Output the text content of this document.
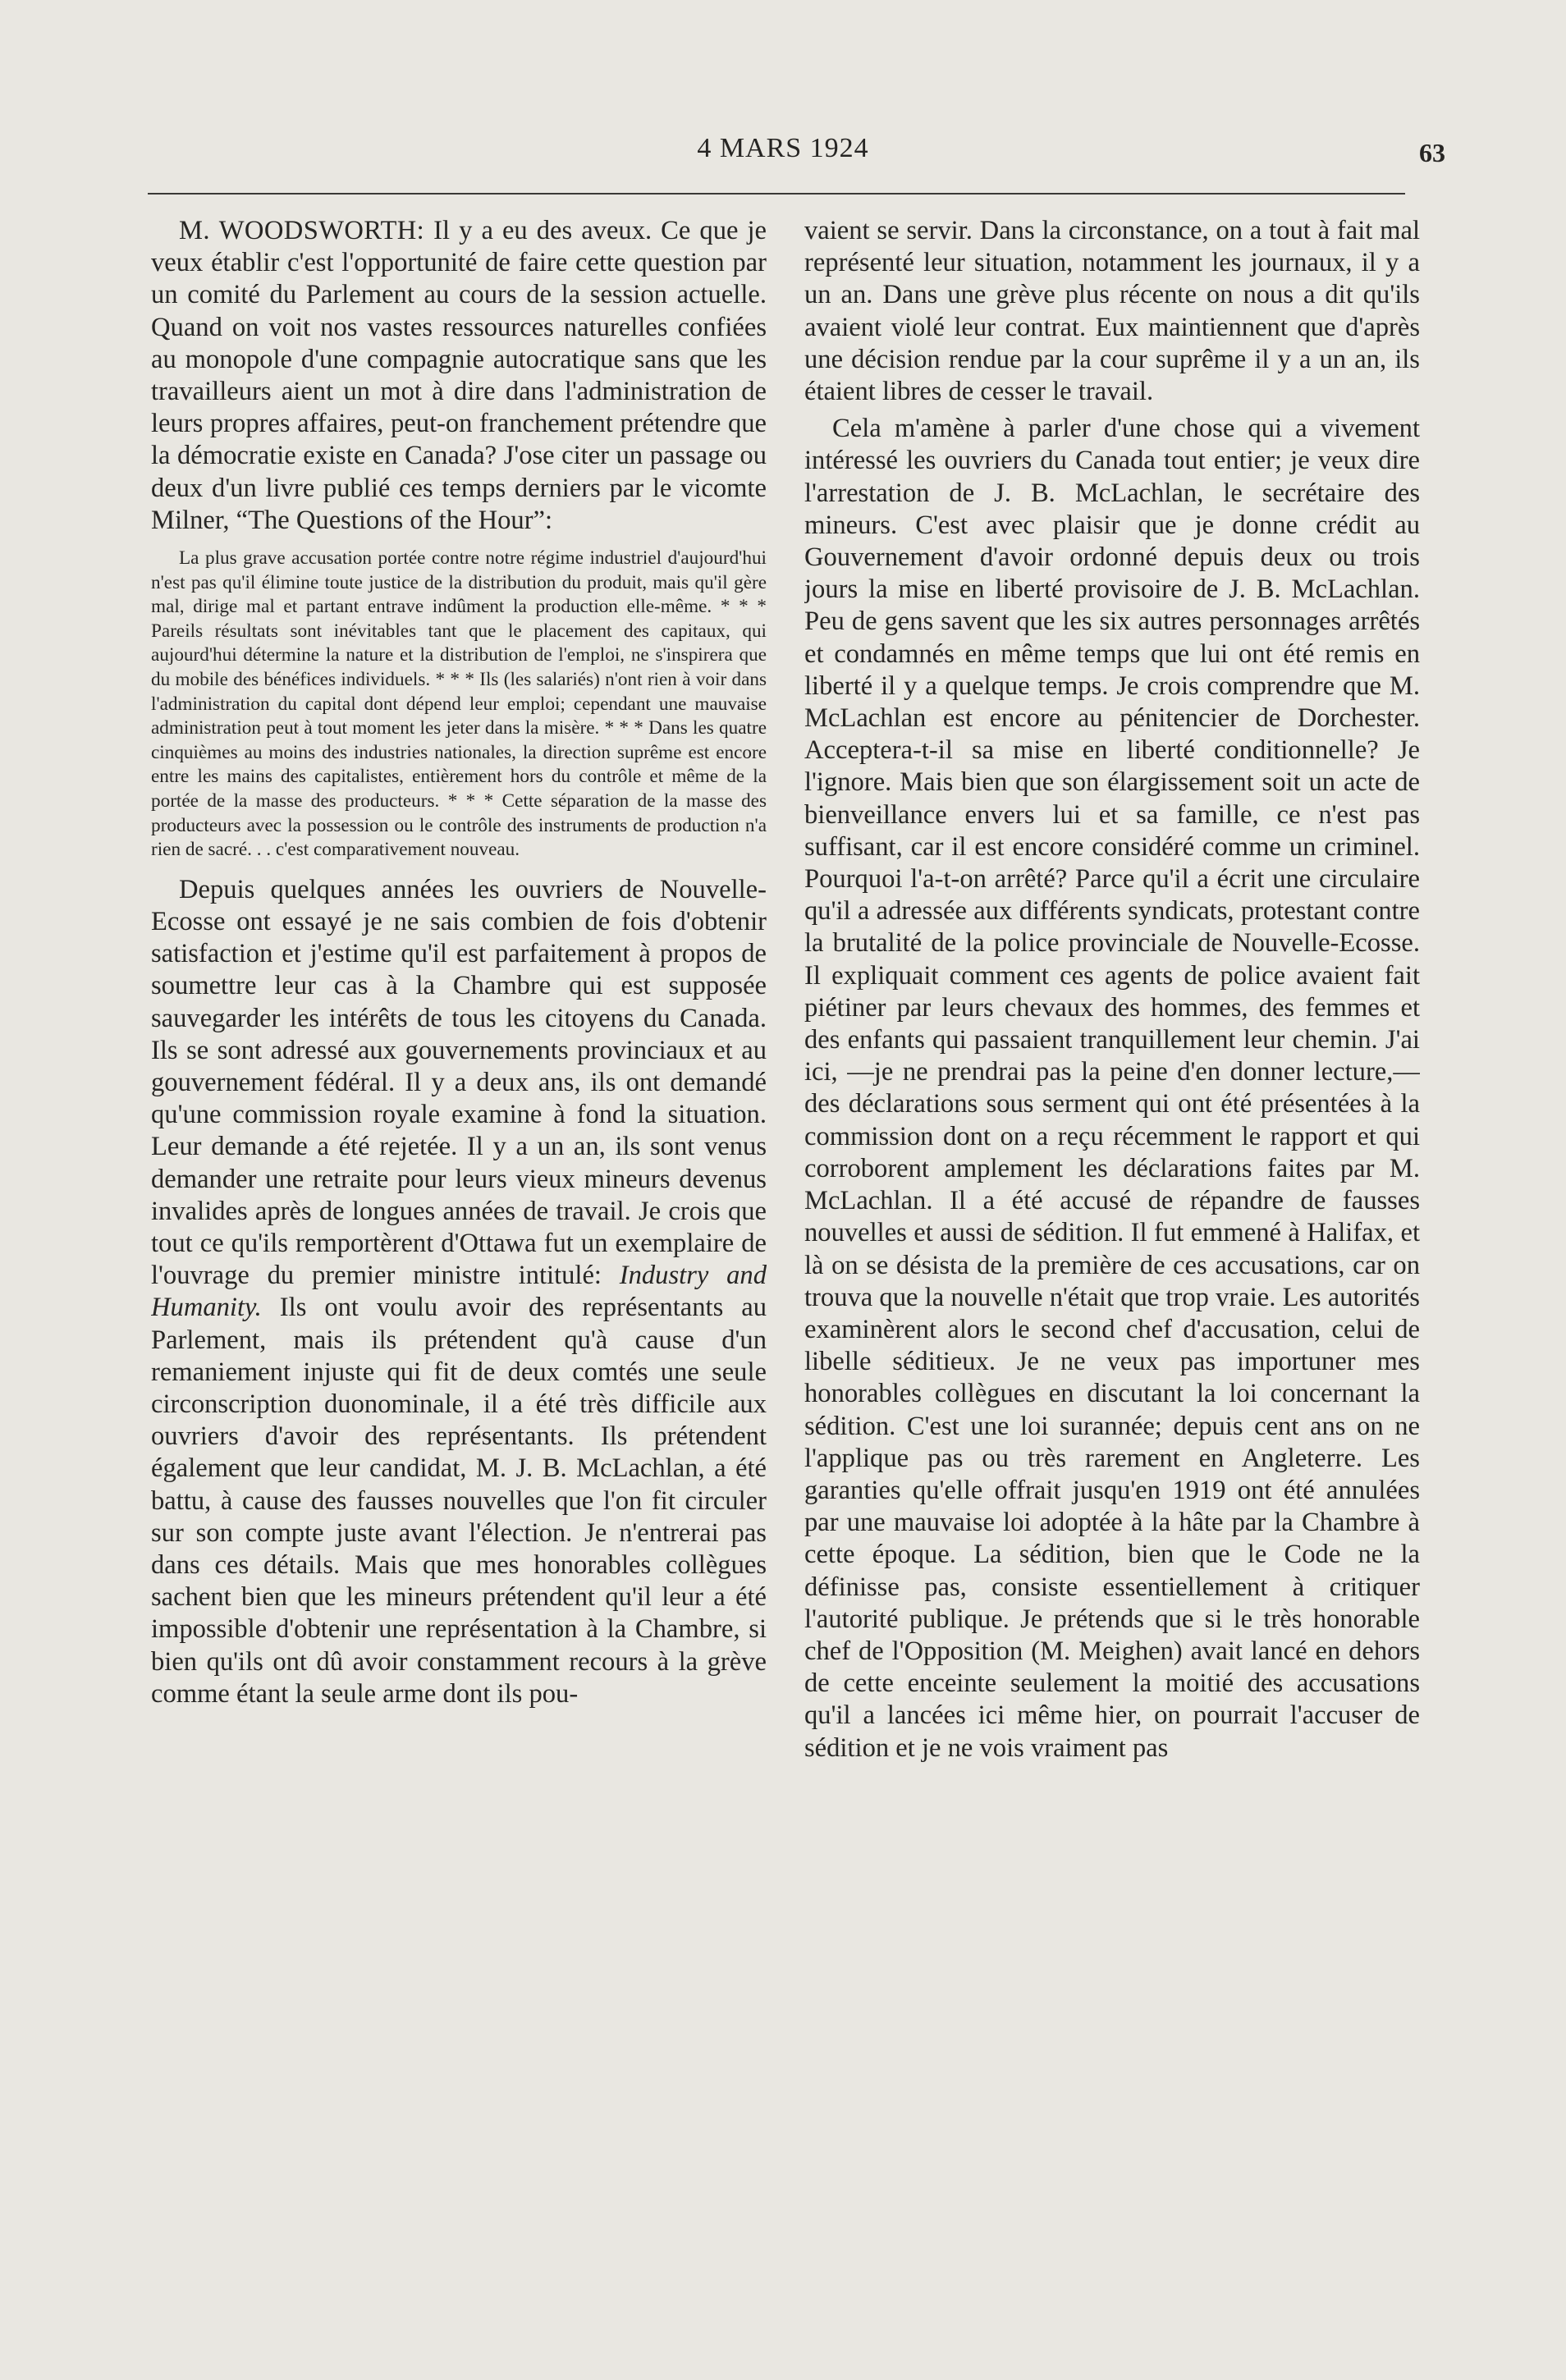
4 MARS 1924	63

M. WOODSWORTH: Il y a eu des aveux. Ce que je veux établir c'est l'opportunité de faire cette question par un comité du Parlement au cours de la session actuelle. Quand on voit nos vastes ressources naturelles confiées au monopole d'une compagnie autocratique sans que les travailleurs aient un mot à dire dans l'administration de leurs propres affaires, peut-on franchement prétendre que la démocratie existe en Canada? J'ose citer un passage ou deux d'un livre publié ces temps derniers par le vicomte Milner, “The Questions of the Hour”:

La plus grave accusation portée contre notre régime industriel d'aujourd'hui n'est pas qu'il élimine toute justice de la distribution du produit, mais qu'il gère mal, dirige mal et partant entrave indûment la production elle-même. * * * Pareils résultats sont inévitables tant que le placement des capitaux, qui aujourd'hui détermine la nature et la distribution de l'emploi, ne s'inspirera que du mobile des bénéfices individuels. * * * Ils (les salariés) n'ont rien à voir dans l'administration du capital dont dépend leur emploi; cependant une mauvaise administration peut à tout moment les jeter dans la misère. * * * Dans les quatre cinquièmes au moins des industries nationales, la direction suprême est encore entre les mains des capitalistes, entièrement hors du contrôle et même de la portée de la masse des producteurs. * * * Cette séparation de la masse des producteurs avec la possession ou le contrôle des instruments de production n'a rien de sacré. . . c'est comparativement nouveau.

Depuis quelques années les ouvriers de Nouvelle-Ecosse ont essayé je ne sais combien de fois d'obtenir satisfaction et j'estime qu'il est parfaitement à propos de soumettre leur cas à la Chambre qui est supposée sauvegarder les intérêts de tous les citoyens du Canada. Ils se sont adressé aux gouvernements provinciaux et au gouvernement fédéral. Il y a deux ans, ils ont demandé qu'une commission royale examine à fond la situation. Leur demande a été rejetée. Il y a un an, ils sont venus demander une retraite pour leurs vieux mineurs devenus invalides après de longues années de travail. Je crois que tout ce qu'ils remportèrent d'Ottawa fut un exemplaire de l'ouvrage du premier ministre intitulé: Industry and Humanity. Ils ont voulu avoir des représentants au Parlement, mais ils prétendent qu'à cause d'un remaniement injuste qui fit de deux comtés une seule circonscription duonominale, il a été très difficile aux ouvriers d'avoir des représentants. Ils prétendent également que leur candidat, M. J. B. McLachlan, a été battu, à cause des fausses nouvelles que l'on fit circuler sur son compte juste avant l'élection. Je n'entrerai pas dans ces détails. Mais que mes honorables collègues sachent bien que les mineurs prétendent qu'il leur a été impossible d'obtenir une représentation à la Chambre, si bien qu'ils ont dû avoir constamment recours à la grève comme étant la seule arme dont ils pou-

vaient se servir. Dans la circonstance, on a tout à fait mal représenté leur situation, notamment les journaux, il y a un an. Dans une grève plus récente on nous a dit qu'ils avaient violé leur contrat. Eux maintiennent que d'après une décision rendue par la cour suprême il y a un an, ils étaient libres de cesser le travail.

Cela m'amène à parler d'une chose qui a vivement intéressé les ouvriers du Canada tout entier; je veux dire l'arrestation de J. B. McLachlan, le secrétaire des mineurs. C'est avec plaisir que je donne crédit au Gouvernement d'avoir ordonné depuis deux ou trois jours la mise en liberté provisoire de J. B. McLachlan. Peu de gens savent que les six autres personnages arrêtés et condamnés en même temps que lui ont été remis en liberté il y a quelque temps. Je crois comprendre que M. McLachlan est encore au pénitencier de Dorchester. Acceptera-t-il sa mise en liberté conditionnelle? Je l'ignore. Mais bien que son élargissement soit un acte de bienveillance envers lui et sa famille, ce n'est pas suffisant, car il est encore considéré comme un criminel. Pourquoi l'a-t-on arrêté? Parce qu'il a écrit une circulaire qu'il a adressée aux différents syndicats, protestant contre la brutalité de la police provinciale de Nouvelle-Ecosse. Il expliquait comment ces agents de police avaient fait piétiner par leurs chevaux des hommes, des femmes et des enfants qui passaient tranquillement leur chemin. J'ai ici, —je ne prendrai pas la peine d'en donner lecture,—des déclarations sous serment qui ont été présentées à la commission dont on a reçu récemment le rapport et qui corroborent amplement les déclarations faites par M. McLachlan. Il a été accusé de répandre de fausses nouvelles et aussi de sédition. Il fut emmené à Halifax, et là on se désista de la première de ces accusations, car on trouva que la nouvelle n'était que trop vraie. Les autorités examinèrent alors le second chef d'accusation, celui de libelle séditieux. Je ne veux pas importuner mes honorables collègues en discutant la loi concernant la sédition. C'est une loi surannée; depuis cent ans on ne l'applique pas ou très rarement en Angleterre. Les garanties qu'elle offrait jusqu'en 1919 ont été annulées par une mauvaise loi adoptée à la hâte par la Chambre à cette époque. La sédition, bien que le Code ne la définisse pas, consiste essentiellement à critiquer l'autorité publique. Je prétends que si le très honorable chef de l'Opposition (M. Meighen) avait lancé en dehors de cette enceinte seulement la moitié des accusations qu'il a lancées ici même hier, on pourrait l'accuser de sédition et je ne vois vraiment pas
